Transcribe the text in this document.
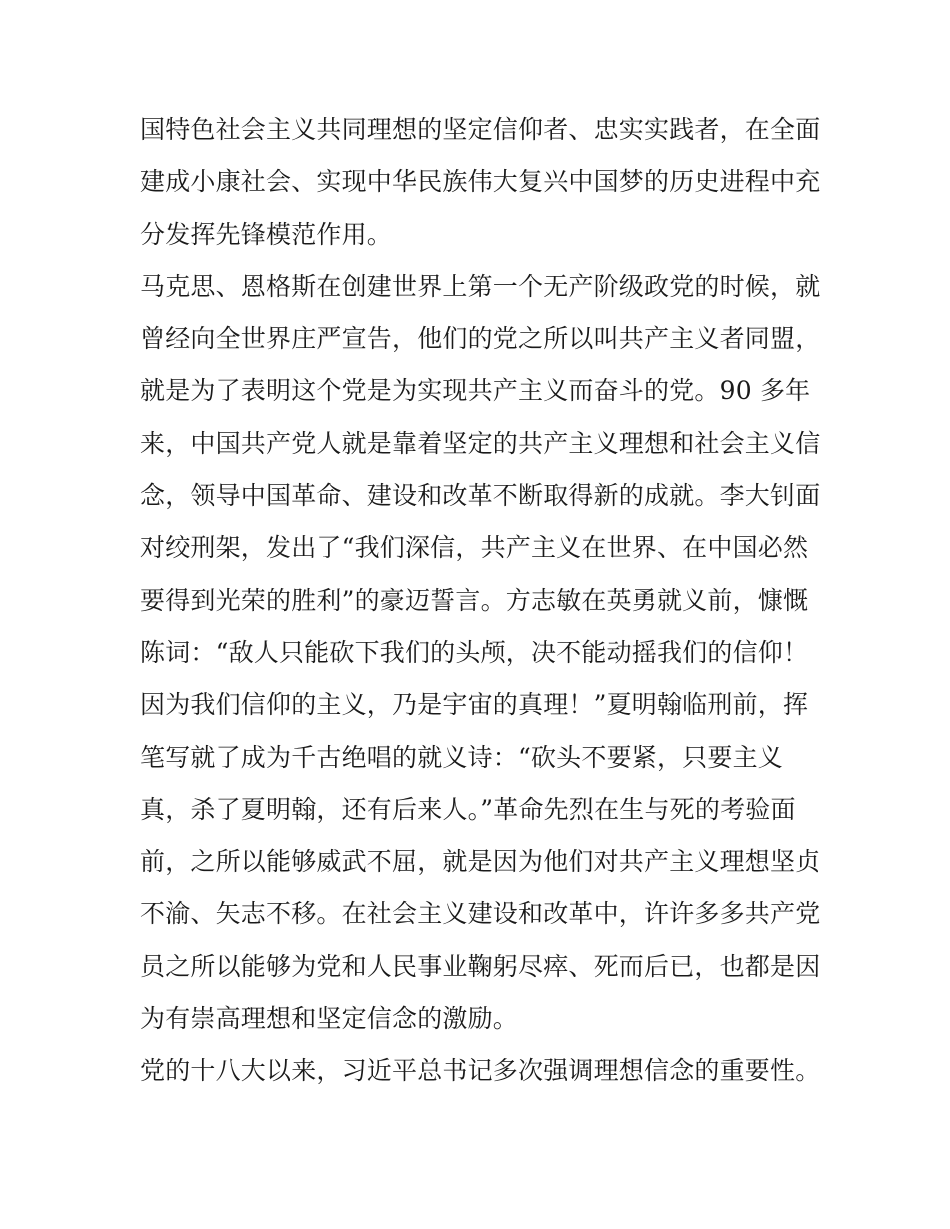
国特色社会主义共同理想的坚定信仰者、忠实实践者，在全面
建成小康社会、实现中华民族伟大复兴中国梦的历史进程中充
分发挥先锋模范作用。
马克思、恩格斯在创建世界上第一个无产阶级政党的时候，就
曾经向全世界庄严宣告，他们的党之所以叫共产主义者同盟，
就是为了表明这个党是为实现共产主义而奋斗的党。90 多年
来，中国共产党人就是靠着坚定的共产主义理想和社会主义信
念，领导中国革命、建设和改革不断取得新的成就。李大钊面
对绞刑架，发出了“我们深信，共产主义在世界、在中国必然
要得到光荣的胜利”的豪迈誓言。方志敏在英勇就义前，慷慨
陈词：“敌人只能砍下我们的头颅，决不能动摇我们的信仰！
因为我们信仰的主义，乃是宇宙的真理！”夏明翰临刑前，挥
笔写就了成为千古绝唱的就义诗：“砍头不要紧，只要主义
真，杀了夏明翰，还有后来人。”革命先烈在生与死的考验面
前，之所以能够威武不屈，就是因为他们对共产主义理想坚贞
不渝、矢志不移。在社会主义建设和改革中，许许多多共产党
员之所以能够为党和人民事业鞠躬尽瘁、死而后已，也都是因
为有崇高理想和坚定信念的激励。
党的十八大以来，习近平总书记多次强调理想信念的重要性。
